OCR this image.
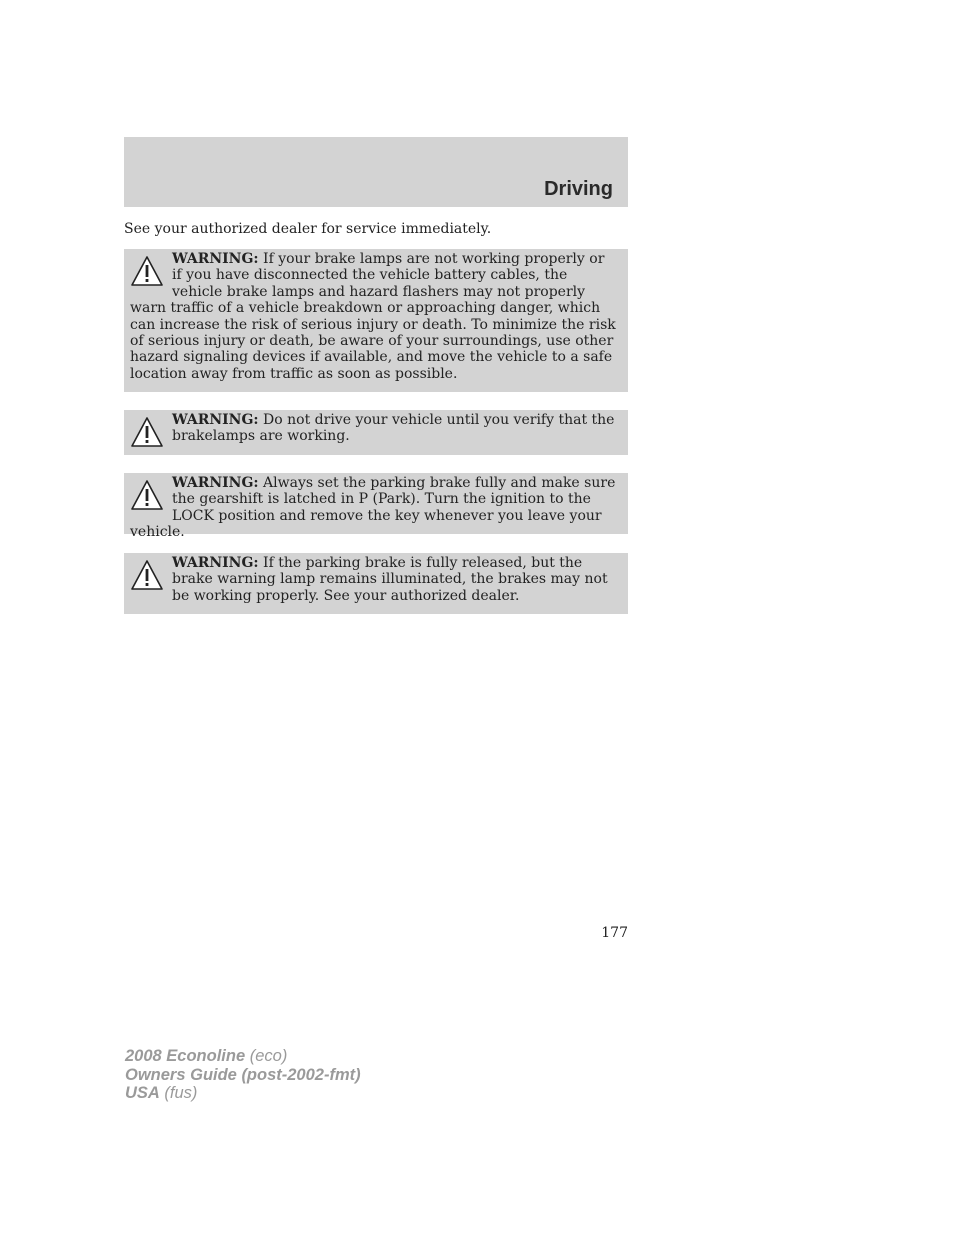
Driving
See your authorized dealer for service immediately.
WARNING: If your brake lamps are not working properly or if you have disconnected the vehicle battery cables, the vehicle brake lamps and hazard flashers may not properly warn traffic of a vehicle breakdown or approaching danger, which can increase the risk of serious injury or death. To minimize the risk of serious injury or death, be aware of your surroundings, use other hazard signaling devices if available, and move the vehicle to a safe location away from traffic as soon as possible.
WARNING: Do not drive your vehicle until you verify that the brakelamps are working.
WARNING: Always set the parking brake fully and make sure the gearshift is latched in P (Park). Turn the ignition to the LOCK position and remove the key whenever you leave your vehicle.
WARNING: If the parking brake is fully released, but the brake warning lamp remains illuminated, the brakes may not be working properly. See your authorized dealer.
177
2008 Econoline (eco)
Owners Guide (post-2002-fmt)
USA (fus)
